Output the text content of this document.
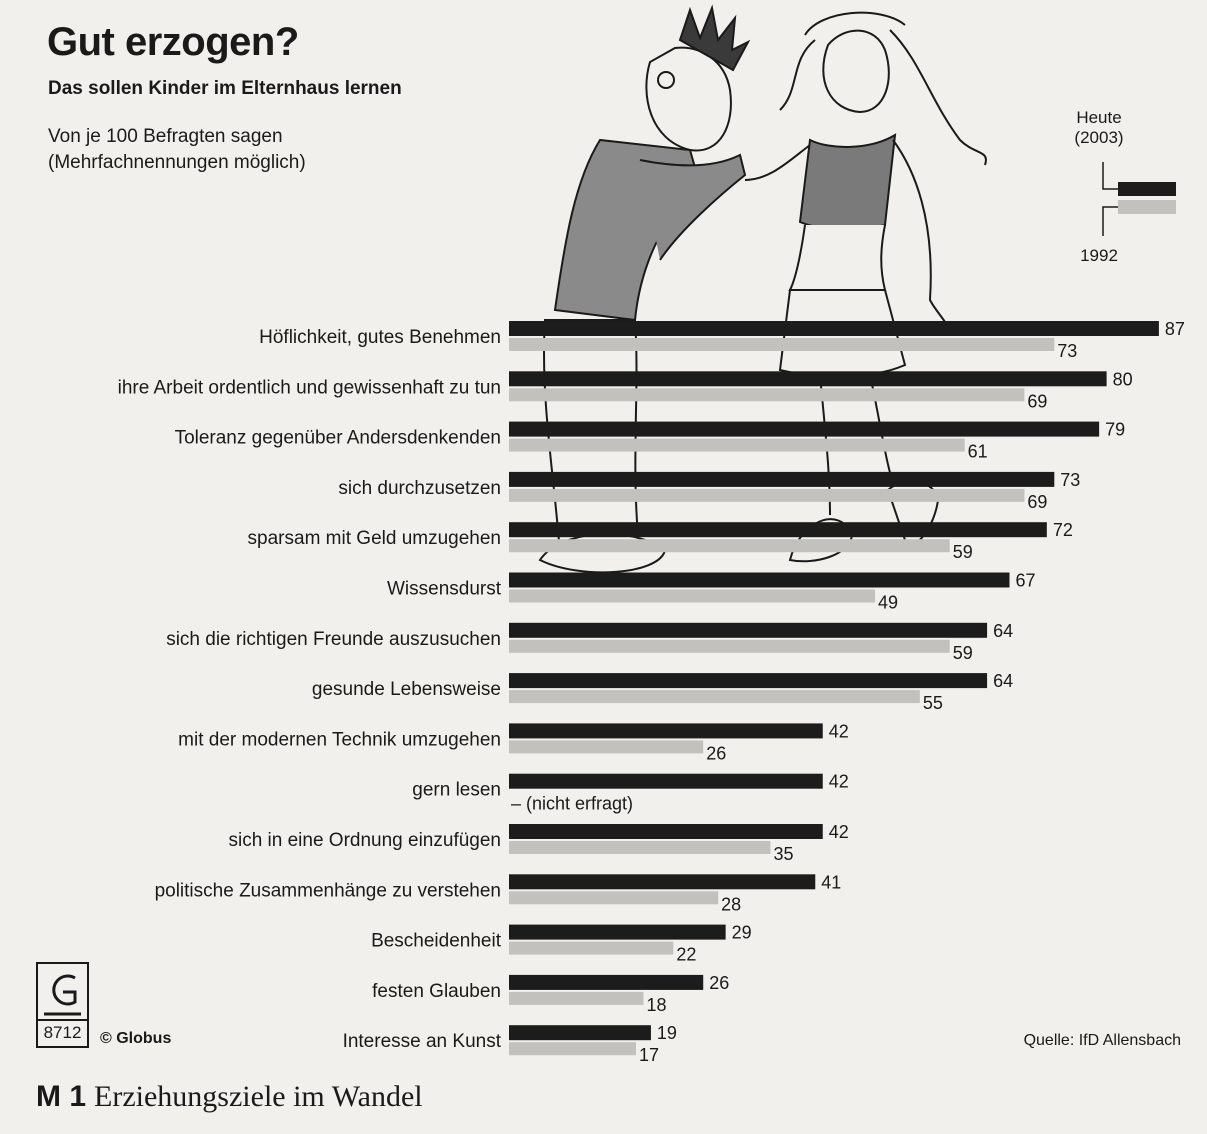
Gut erzogen?
Das sollen Kinder im Elternhaus lernen
Von je 100 Befragten sagen
(Mehrfachnennungen möglich)
Heute
(2003)
1992
Höflichkeit, gutes Benehmen	87
73
ihre Arbeit ordentlich und gewissenhaft zu tun	80
69
Toleranz gegenüber Andersdenkenden	79
61
sich durchzusetzen	73
69
sparsam mit Geld umzugehen	72
59
Wissensdurst	67
49
sich die richtigen Freunde auszusuchen	64
59
gesunde Lebensweise	64
55
mit der modernen Technik umzugehen	42
26
gern lesen	42
– (nicht erfragt)
sich in eine Ordnung einzufügen	42
35
politische Zusammenhänge zu verstehen	41
28
Bescheidenheit	29
22
festen Glauben	26
18
Interesse an Kunst	19
17
8712	© Globus	Quelle: IfD Allensbach
M 1 Erziehungsziele im Wandel
